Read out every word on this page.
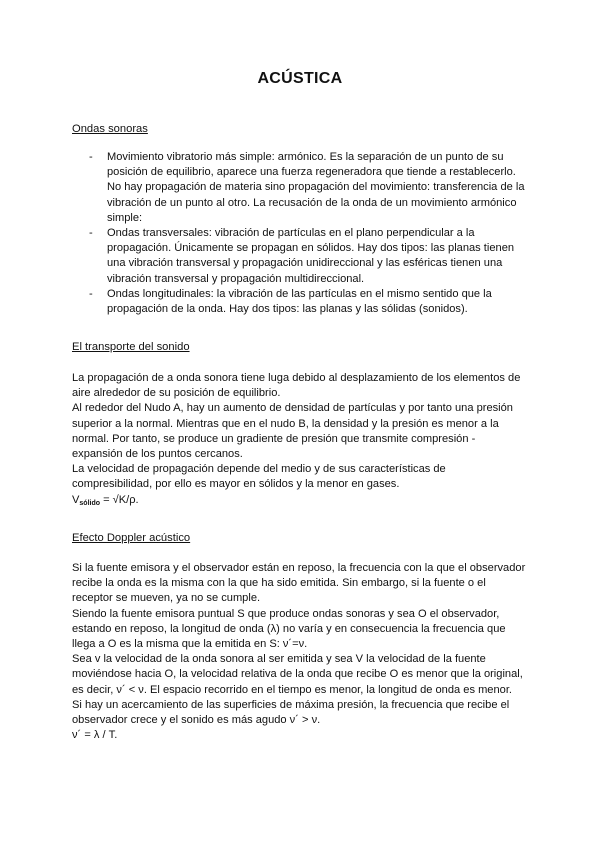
ACÚSTICA
Ondas sonoras
- Movimiento vibratorio más simple: armónico. Es la separación de un punto de su
posición de equilibrio, aparece una fuerza regeneradora que tiende a restablecerlo.
No hay propagación de materia sino propagación del movimiento: transferencia de la
vibración de un punto al otro. La recusación de la onda de un movimiento armónico
simple:
- Ondas transversales: vibración de partículas en el plano perpendicular a la
propagación. Únicamente se propagan en sólidos. Hay dos tipos: las planas tienen
una vibración transversal y propagación unidireccional y las esféricas tienen una
vibración transversal y propagación multidireccional.
- Ondas longitudinales: la vibración de las partículas en el mismo sentido que la
propagación de la onda. Hay dos tipos: las planas y las sólidas (sonidos).
El transporte del sonido
La propagación de a onda sonora tiene luga debido al desplazamiento de los elementos de
aire alrededor de su posición de equilibrio.
Al rededor del Nudo A, hay un aumento de densidad de partículas y por tanto una presión
superior a la normal. Mientras que en el nudo B, la densidad y la presión es menor a la
normal. Por tanto, se produce un gradiente de presión que transmite compresión -
expansión de los puntos cercanos.
La velocidad de propagación depende del medio y de sus características de
compresibilidad, por ello es mayor en sólidos y la menor en gases.
$V_{sólido} = √K/\rho$.
Efecto Doppler acústico
Si la fuente emisora y el observador están en reposo, la frecuencia con la que el observador
recibe la onda es la misma con la que ha sido emitida. Sin embargo, si la fuente o el
receptor se mueven, ya no se cumple.
Siendo la fuente emisora puntual S que produce ondas sonoras y sea O el observador,
estando en reposo, la longitud de onda (λ) no varía y en consecuencia la frecuencia que
llega a O es la misma que la emitida en S: ν´=ν.
Sea v la velocidad de la onda sonora al ser emitida y sea V la velocidad de la fuente
moviéndose hacia O, la velocidad relativa de la onda que recibe O es menor que la original,
es decir, ν´ < ν. El espacio recorrido en el tiempo es menor, la longitud de onda es menor.
Si hay un acercamiento de las superficies de máxima presión, la frecuencia que recibe el
observador crece y el sonido es más agudo ν´ > ν.
ν´ = λ / T.
